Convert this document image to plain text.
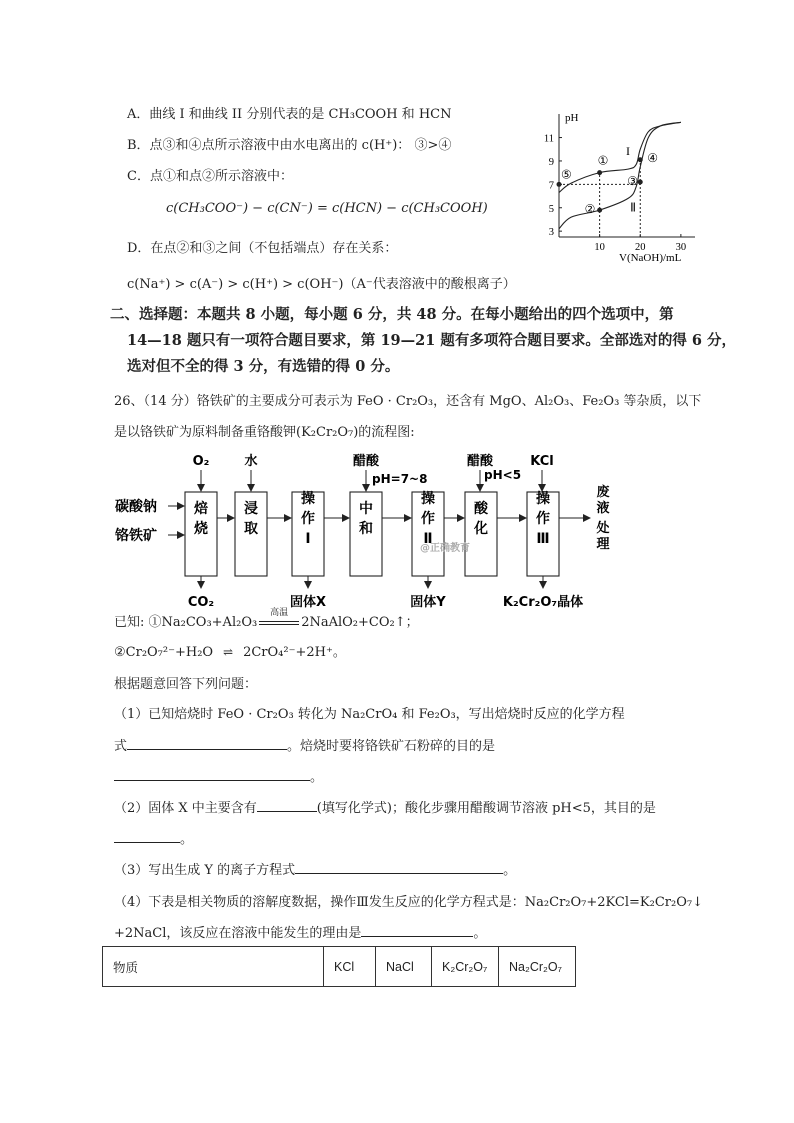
A．曲线 I 和曲线 II 分别代表的是 CH₃COOH 和 HCN
B．点③和④点所示溶液中由水电离出的 c(H⁺)： ③>④
C．点①和点②所示溶液中：
c(CH₃COO⁻) − c(CN⁻) = c(HCN) − c(CH₃COOH)
D．在点②和③之间（不包括端点）存在关系：
c(Na⁺) > c(A⁻) > c(H⁺) > c(OH⁻)（A⁻代表溶液中的酸根离子）
pH
V(NaOH)/mL
3
5
7
9
11
10	20	30
I
Ⅱ
①
②
③
④
⑤
二、选择题：本题共 8 小题，每小题 6 分，共 48 分。在每小题给出的四个选项中，第
14—18 题只有一项符合题目要求，第 19—21 题有多项符合题目要求。全部选对的得 6 分，
选对但不全的得 3 分，有选错的得 0 分。
26、（14 分）铬铁矿的主要成分可表示为 FeO · Cr₂O₃，还含有 MgO、Al₂O₃、Fe₂O₃ 等杂质，以下
是以铬铁矿为原料制备重铬酸钾(K₂Cr₂O₇)的流程图:
碳酸钠
铬铁矿
焙
烧
浸
取
操
作
Ⅰ
中
和
操
作
Ⅱ
酸
化
操
作
Ⅲ
O₂	水	醋酸	醋酸	KCl
pH=7~8	pH<5
CO₂	固体X	固体Y	K₂Cr₂O₇晶体
废
液
处
理
@正确教育
已知: ①Na₂CO₃+Al₂O₃
高温
2NaAlO₂+CO₂↑；
②Cr₂O₇²⁻+H₂O ⇌ 2CrO₄²⁻+2H⁺。
根据题意回答下列问题：
（1）已知焙烧时 FeO · Cr₂O₃ 转化为 Na₂CrO₄ 和 Fe₂O₃，写出焙烧时反应的化学方程
式	。焙烧时要将铬铁矿石粉碎的目的是
。
（2）固体 X 中主要含有	(填写化学式)；酸化步骤用醋酸调节溶液 pH<5，其目的是
。
（3）写出生成 Y 的离子方程式	。
（4）下表是相关物质的溶解度数据，操作Ⅲ发生反应的化学方程式是：Na₂Cr₂O₇+2KCl=K₂Cr₂O₇↓
+2NaCl，该反应在溶液中能发生的理由是	。
物质	KCl	NaCl	K₂Cr₂O₇	Na₂Cr₂O₇
